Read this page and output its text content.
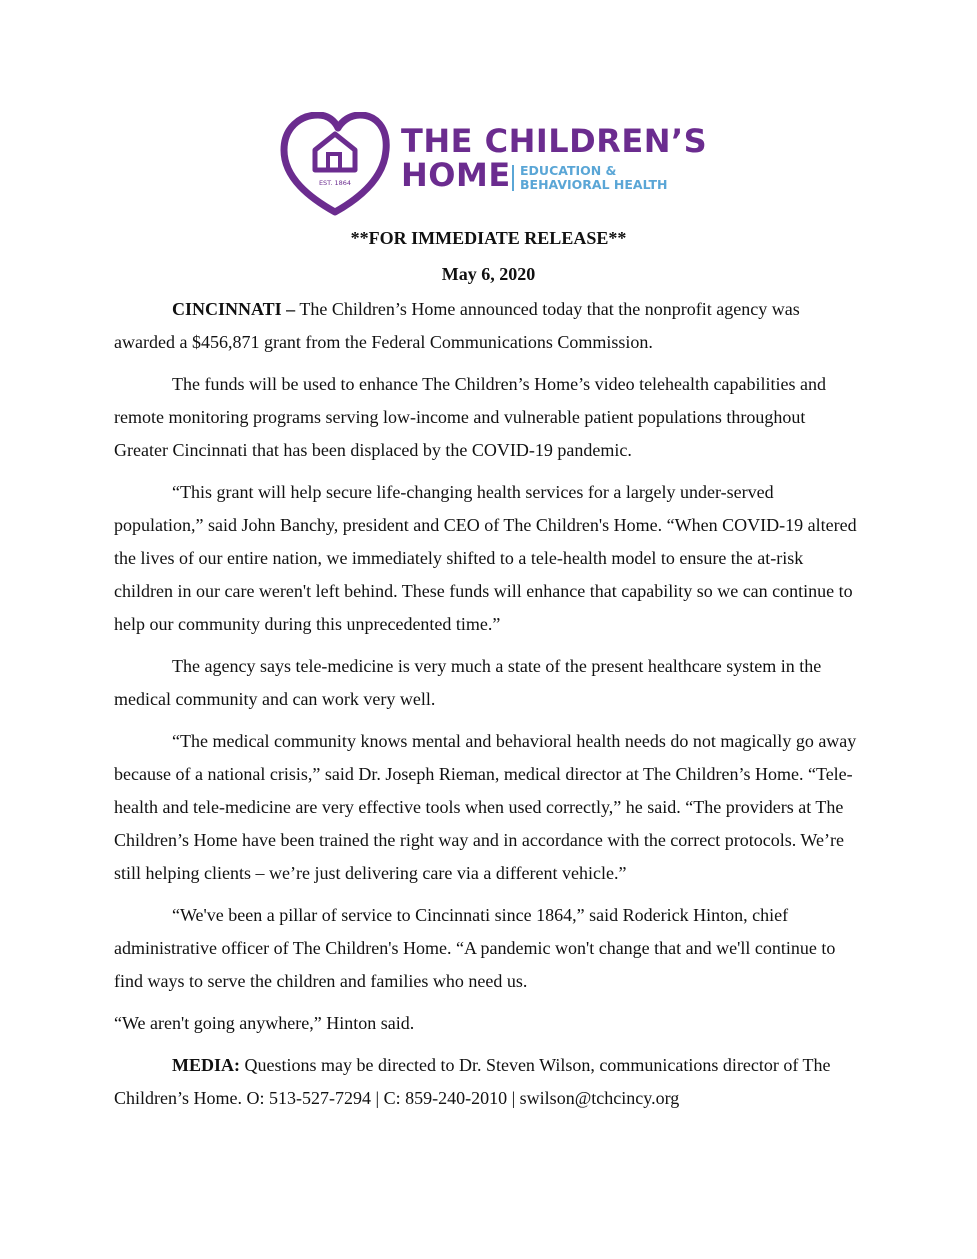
EST. 1864
THE CHILDREN’S
HOME EDUCATION &
BEHAVIORAL HEALTH
**FOR IMMEDIATE RELEASE**
May 6, 2020

CINCINNATI – The Children’s Home announced today that the nonprofit agency was awarded a $456,871 grant from the Federal Communications Commission.

The funds will be used to enhance The Children’s Home’s video telehealth capabilities and remote monitoring programs serving low-income and vulnerable patient populations throughout Greater Cincinnati that has been displaced by the COVID-19 pandemic.

“This grant will help secure life-changing health services for a largely under-served population,” said John Banchy, president and CEO of The Children's Home. “When COVID-19 altered the lives of our entire nation, we immediately shifted to a tele-health model to ensure the at-risk children in our care weren't left behind. These funds will enhance that capability so we can continue to help our community during this unprecedented time.”

The agency says tele-medicine is very much a state of the present healthcare system in the medical community and can work very well.

“The medical community knows mental and behavioral health needs do not magically go away because of a national crisis,” said Dr. Joseph Rieman, medical director at The Children’s Home. “Tele-health and tele-medicine are very effective tools when used correctly,” he said. “The providers at The Children’s Home have been trained the right way and in accordance with the correct protocols. We’re still helping clients – we’re just delivering care via a different vehicle.”

“We've been a pillar of service to Cincinnati since 1864,” said Roderick Hinton, chief administrative officer of The Children's Home. “A pandemic won't change that and we'll continue to find ways to serve the children and families who need us.

“We aren't going anywhere,” Hinton said.

MEDIA: Questions may be directed to Dr. Steven Wilson, communications director of The Children’s Home. O: 513-527-7294 | C: 859-240-2010 | swilson@tchcincy.org
